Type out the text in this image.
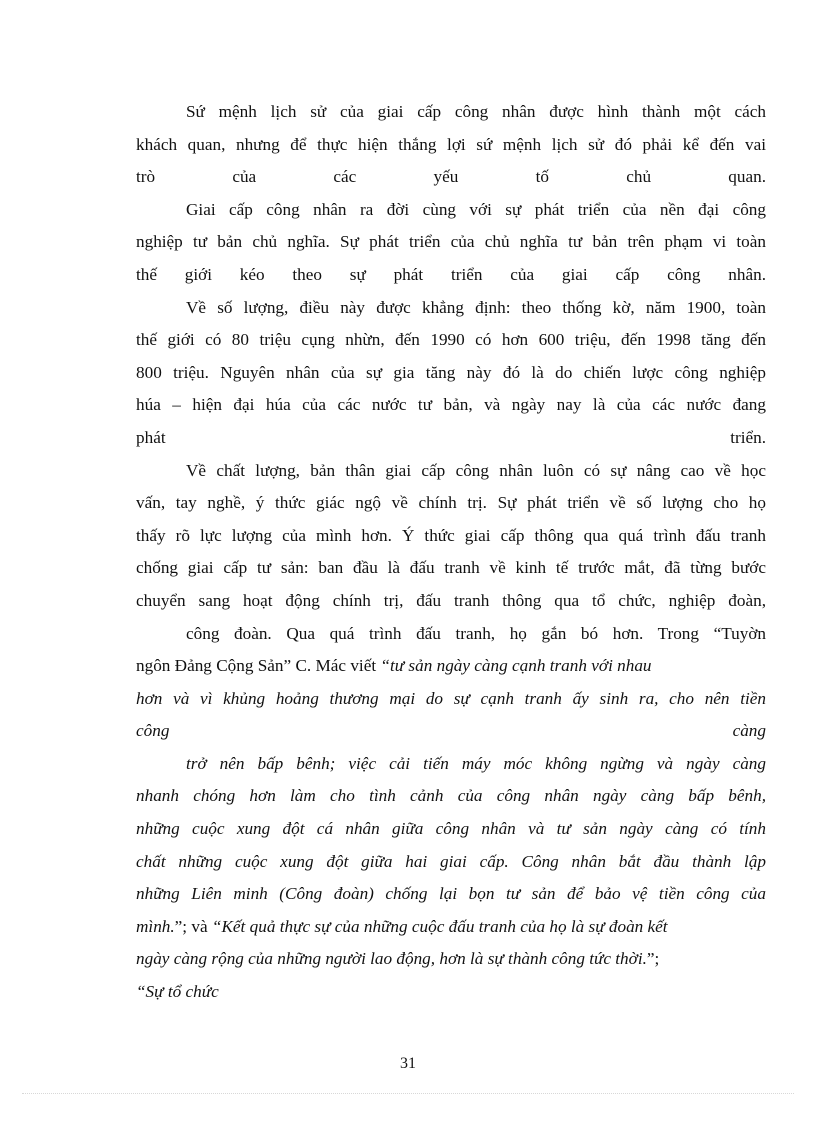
Sứ mệnh lịch sử của giai cấp công nhân được hình thành một cách
khách quan, nhưng để thực hiện thắng lợi sứ mệnh lịch sử đó phải kể đến vai
trò	của	các	yếu	tố	chủ	quan.
Giai cấp công nhân ra đời cùng với sự phát triển của nền đại công
nghiệp tư bản chủ nghĩa. Sự phát triển của chủ nghĩa tư bản trên phạm vi toàn
thế giới kéo theo sự phát triển của giai cấp công nhân.
Về số lượng, điều này được khẳng định: theo thống kờ, năm 1900, toàn
thế giới có 80 triệu cụng nhừn, đến 1990 có hơn 600 triệu, đến 1998 tăng đến
800 triệu. Nguyên nhân của sự gia tăng này đó là do chiến lược công nghiệp
húa – hiện đại húa của các nước tư bản, và ngày nay là của các nước đang
phát	triển.
Về chất lượng, bản thân giai cấp công nhân luôn có sự nâng cao về học
vấn, tay nghề, ý thức giác ngộ về chính trị. Sự phát triển về số lượng cho họ
thấy rõ lực lượng của mình hơn. Ý thức giai cấp thông qua quá trình đấu tranh
chống giai cấp tư sản: ban đầu là đấu tranh về kinh tế trước mắt, đã từng bước
chuyển sang hoạt động chính trị, đấu tranh thông qua tổ chức, nghiệp đoàn,
công đoàn. Qua quá trình đấu tranh, họ gắn bó hơn. Trong “Tuyờn
ngôn Đảng Cộng Sản” C. Mác viết “tư sản ngày càng cạnh tranh với nhau
hơn và vì khủng hoảng thương mại do sự cạnh tranh ấy sinh ra, cho nên tiền
công	càng
trở nên bấp bênh; việc cải tiến máy móc không ngừng và ngày càng
nhanh chóng hơn làm cho tình cảnh của công nhân ngày càng bấp bênh,
những cuộc xung đột cá nhân giữa công nhân và tư sản ngày càng có tính
chất những cuộc xung đột giữa hai giai cấp. Công nhân bắt đầu thành lập
những Liên minh (Công đoàn) chống lại bọn tư sản để bảo vệ tiền công của
mình.”; và “Kết quả thực sự của những cuộc đấu tranh của họ là sự đoàn kết
ngày càng rộng của những người lao động, hơn là sự thành công tức thời.”;
“Sự tổ chức
31
